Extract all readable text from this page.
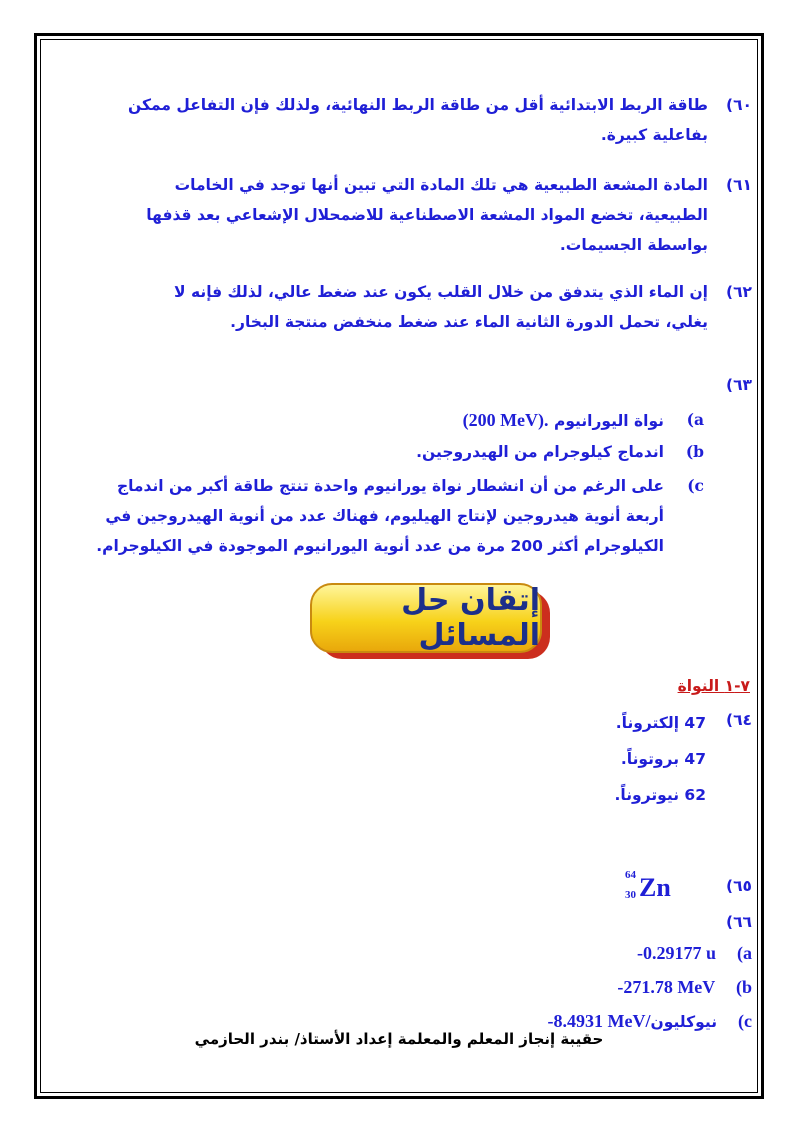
٦٠)
طاقة الربط الابتدائية أقل من طاقة الربط النهائية، ولذلك فإن التفاعل ممكن
بفاعلية كبيرة.
٦١)
المادة المشعة الطبيعية هي تلك المادة التي تبين أنها توجد في الخامات
الطبيعية، تخضع المواد المشعة الاصطناعية للاضمحلال الإشعاعي بعد قذفها
بواسطة الجسيمات.
٦٢)
إن الماء الذي يتدفق من خلال القلب يكون عند ضغط عالي، لذلك فإنه لا
يغلي، تحمل الدورة الثانية الماء عند ضغط منخفض منتجة البخار.
٦٣)
a)
نواة اليورانيوم (200 MeV).
b)
اندماج كيلوجرام من الهيدروجين.
c)
على الرغم من أن انشطار نواة يورانيوم واحدة تنتج طاقة أكبر من اندماج
أربعة أنوية هيدروجين لإنتاج الهيليوم، فهناك عدد من أنوية الهيدروجين في
الكيلوجرام أكثر 200 مرة من عدد أنوية اليورانيوم الموجودة في الكيلوجرام.
إتقان حل المسائل
٧-١ النواة
٦٤)
47 إلكتروناً.
47 بروتوناً.
62 نيوتروناً.
٦٥)
64
30 Zn
٦٦)
-0.29177 u (a
-271.78 MeV (b
-8.4931 MeV/نيوكليون (c
حقيبة إنجاز المعلم والمعلمة إعداد الأستاذ/ بندر الحازمي
